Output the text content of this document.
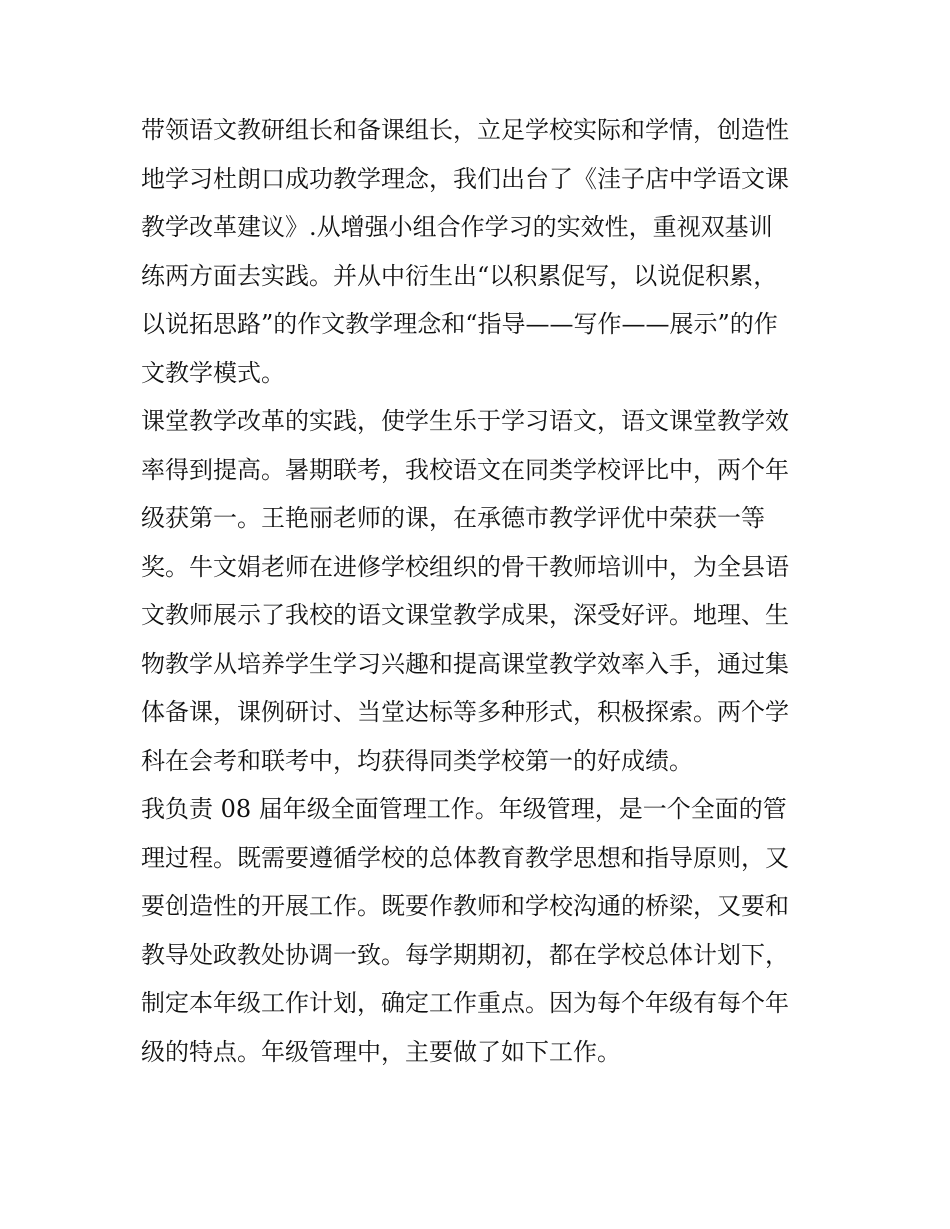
带领语文教研组长和备课组长，立足学校实际和学情，创造性
地学习杜朗口成功教学理念，我们出台了《洼子店中学语文课
教学改革建议》.从增强小组合作学习的实效性，重视双基训
练两方面去实践。并从中衍生出“以积累促写，以说促积累，
以说拓思路”的作文教学理念和“指导——写作——展示”的作
文教学模式。
课堂教学改革的实践，使学生乐于学习语文，语文课堂教学效
率得到提高。暑期联考，我校语文在同类学校评比中，两个年
级获第一。王艳丽老师的课，在承德市教学评优中荣获一等
奖。牛文娟老师在进修学校组织的骨干教师培训中，为全县语
文教师展示了我校的语文课堂教学成果，深受好评。地理、生
物教学从培养学生学习兴趣和提高课堂教学效率入手，通过集
体备课，课例研讨、当堂达标等多种形式，积极探索。两个学
科在会考和联考中，均获得同类学校第一的好成绩。
我负责 08 届年级全面管理工作。年级管理，是一个全面的管
理过程。既需要遵循学校的总体教育教学思想和指导原则，又
要创造性的开展工作。既要作教师和学校沟通的桥梁，又要和
教导处政教处协调一致。每学期期初，都在学校总体计划下，
制定本年级工作计划，确定工作重点。因为每个年级有每个年
级的特点。年级管理中，主要做了如下工作。
